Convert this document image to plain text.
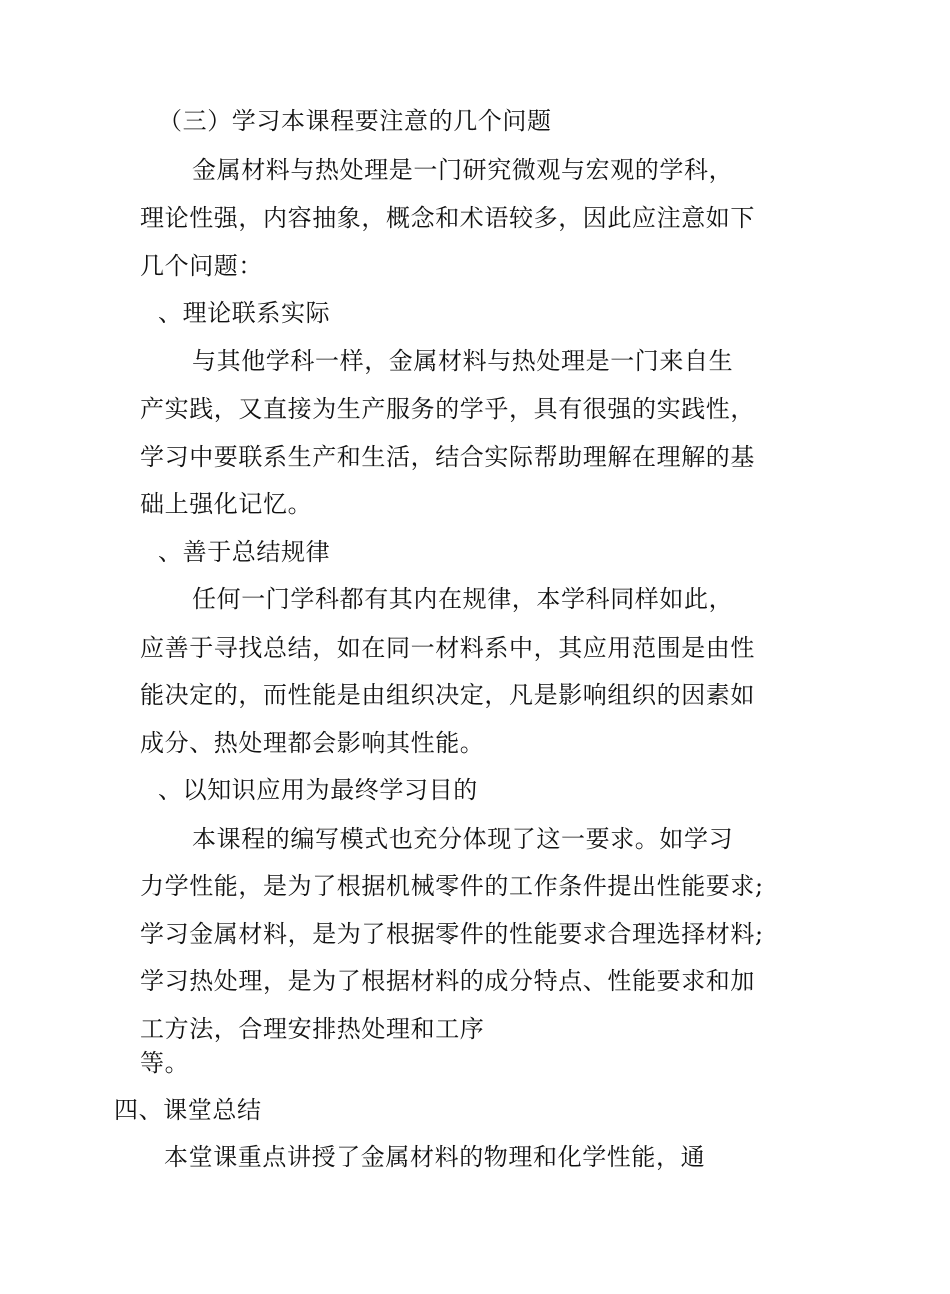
（三）学习本课程要注意的几个问题
金属材料与热处理是一门研究微观与宏观的学科，
理论性强，内容抽象，概念和术语较多，因此应注意如下
几个问题：
、理论联系实际
与其他学科一样，金属材料与热处理是一门来自生
产实践，又直接为生产服务的学乎，具有很强的实践性，
学习中要联系生产和生活，结合实际帮助理解在理解的基
础上强化记忆。
、善于总结规律
任何一门学科都有其内在规律，本学科同样如此，
应善于寻找总结，如在同一材料系中，其应用范围是由性
能决定的，而性能是由组织决定，凡是影响组织的因素如
成分、热处理都会影响其性能。
、以知识应用为最终学习目的
本课程的编写模式也充分体现了这一要求。如学习
力学性能，是为了根据机械零件的工作条件提出性能要求;
学习金属材料，是为了根据零件的性能要求合理选择材料;
学习热处理，是为了根据材料的成分特点、性能要求和加
工方法，合理安排热处理和工序
等。
四、课堂总结
本堂课重点讲授了金属材料的物理和化学性能，通
